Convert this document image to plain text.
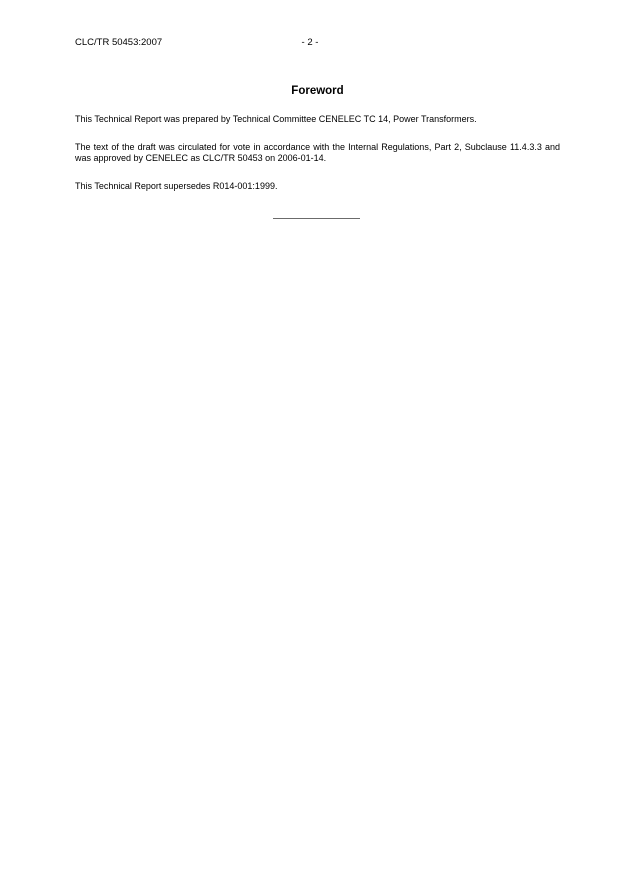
CLC/TR 50453:2007	- 2 -
Foreword
This Technical Report was prepared by Technical Committee CENELEC TC 14, Power Transformers.
The text of the draft was circulated for vote in accordance with the Internal Regulations, Part 2, Subclause 11.4.3.3 and was approved by CENELEC as CLC/TR 50453 on 2006-01-14.
This Technical Report supersedes R014-001:1999.
